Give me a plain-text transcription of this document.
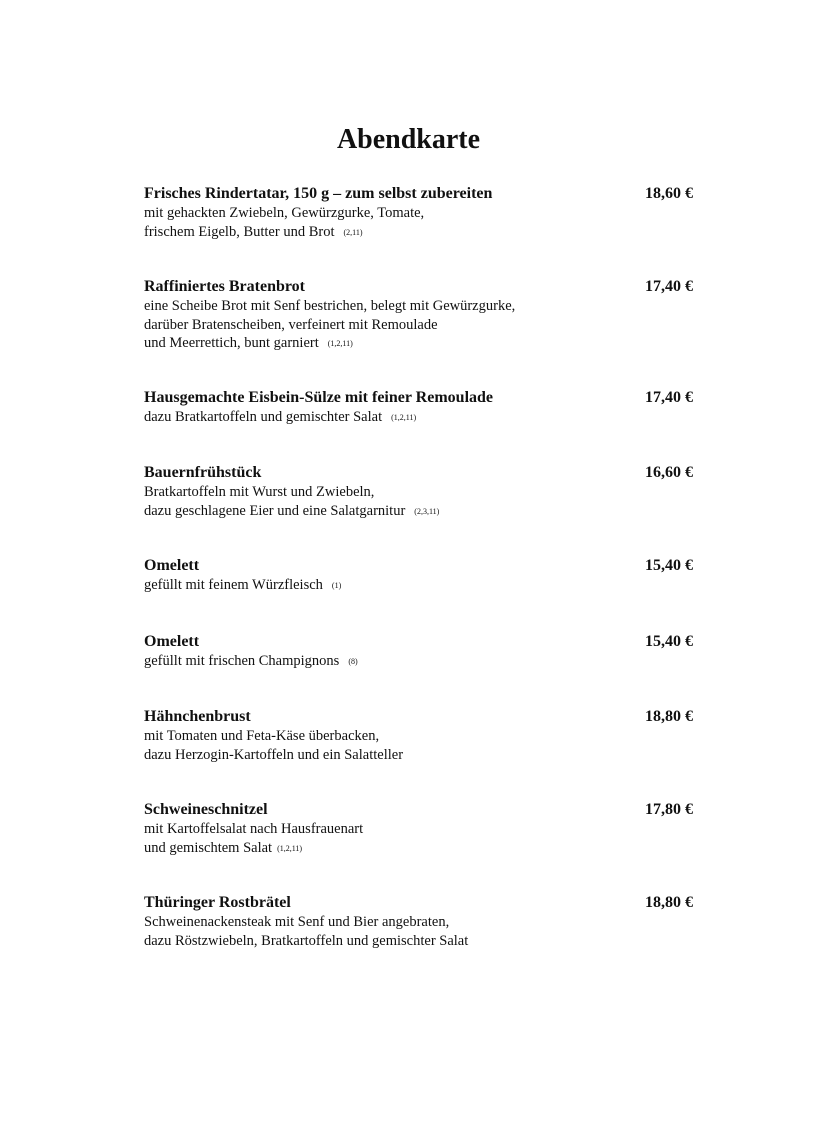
Abendkarte
Frisches Rindertatar, 150 g – zum selbst zubereiten	18,60 €
mit gehackten Zwiebeln, Gewürzgurke, Tomate,
frischem Eigelb, Butter und Brot (2,11)
Raffiniertes Bratenbrot	17,40 €
eine Scheibe Brot mit Senf bestrichen, belegt mit Gewürzgurke,
darüber Bratenscheiben, verfeinert mit Remoulade
und Meerrettich, bunt garniert (1,2,11)
Hausgemachte Eisbein-Sülze mit feiner Remoulade	17,40 €
dazu Bratkartoffeln und gemischter Salat (1,2,11)
Bauernfrühstück	16,60 €
Bratkartoffeln mit Wurst und Zwiebeln,
dazu geschlagene Eier und eine Salatgarnitur (2,3,11)
Omelett	15,40 €
gefüllt mit feinem Würzfleisch (1)
Omelett	15,40 €
gefüllt mit frischen Champignons (8)
Hähnchenbrust	18,80 €
mit Tomaten und Feta-Käse überbacken,
dazu Herzogin-Kartoffeln und ein Salatteller
Schweineschnitzel	17,80 €
mit Kartoffelsalat nach Hausfrauenart
und gemischtem Salat (1,2,11)
Thüringer Rostbrätel	18,80 €
Schweinenackensteak mit Senf und Bier angebraten,
dazu Röstzwiebeln, Bratkartoffeln und gemischter Salat
